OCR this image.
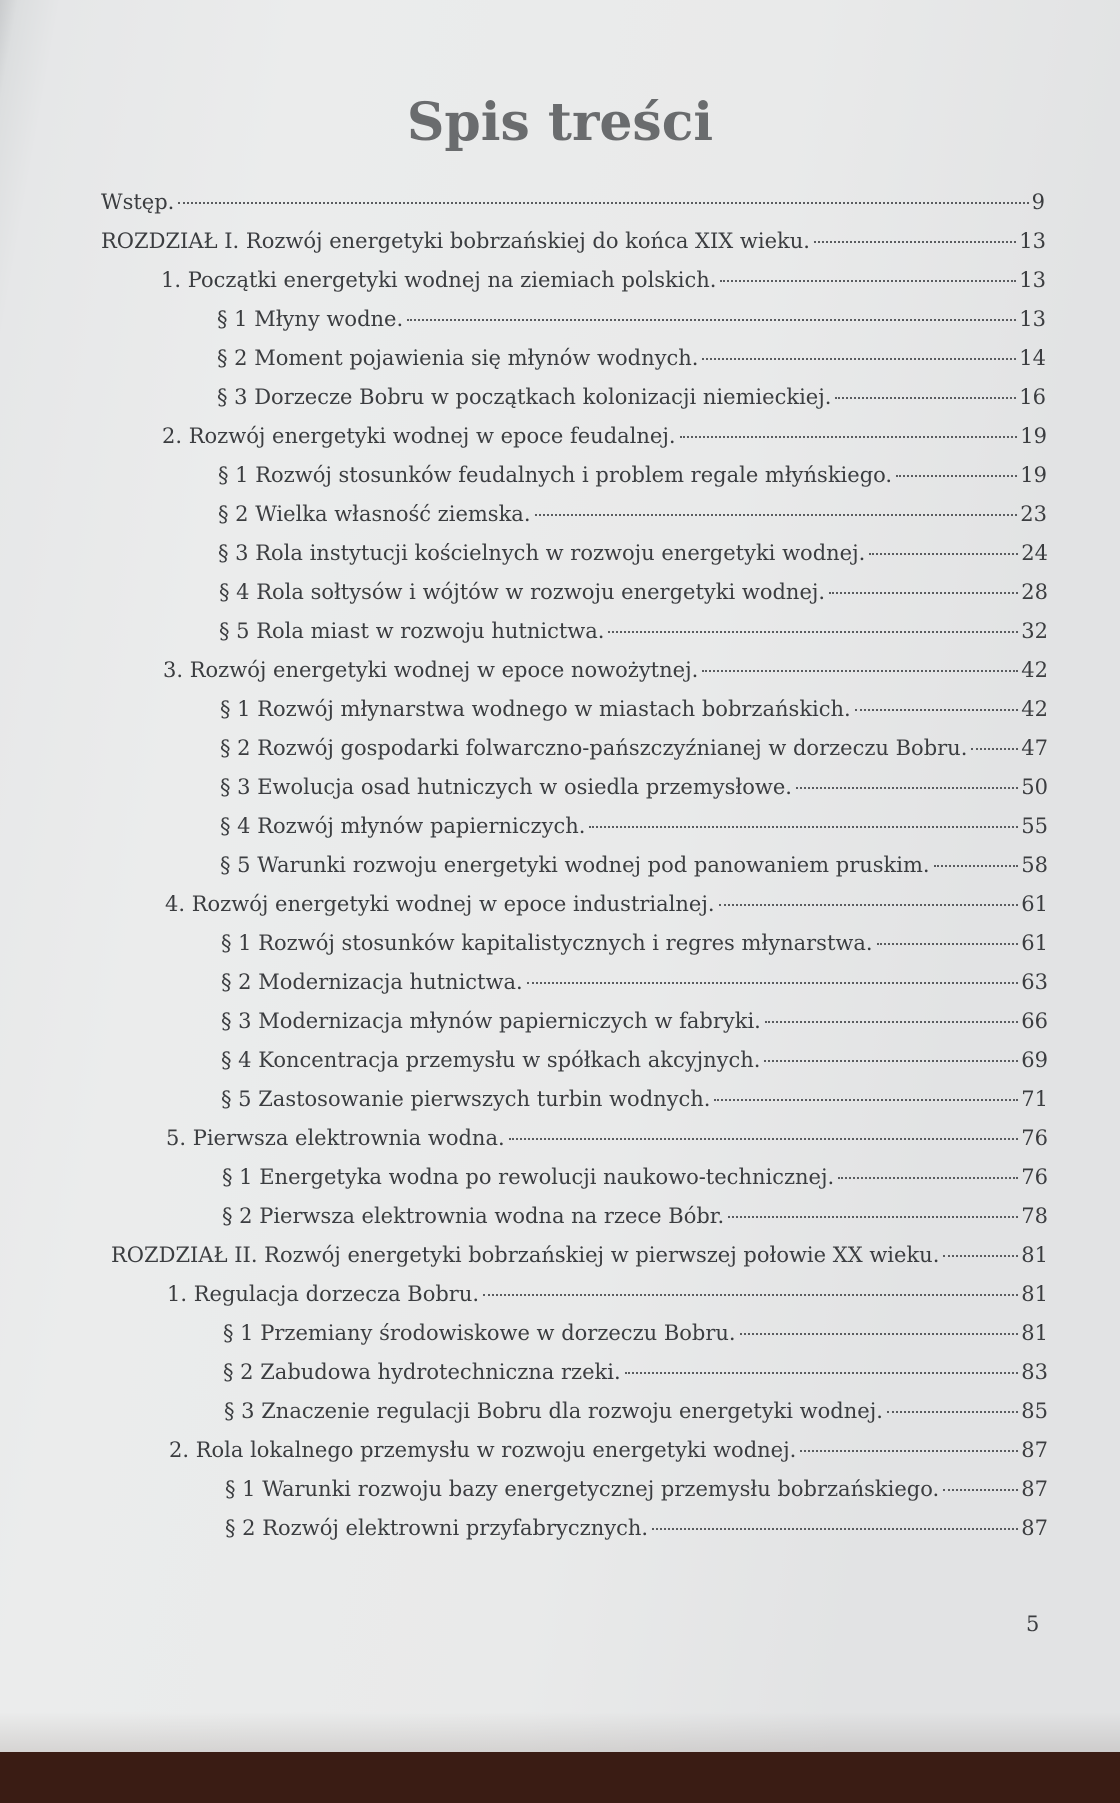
Spis treści
Wstęp.	9
ROZDZIAŁ I. Rozwój energetyki bobrzańskiej do końca XIX wieku.	13
1. Początki energetyki wodnej na ziemiach polskich.	13
§ 1 Młyny wodne.	13
§ 2 Moment pojawienia się młynów wodnych.	14
§ 3 Dorzecze Bobru w początkach kolonizacji niemieckiej.	16
2. Rozwój energetyki wodnej w epoce feudalnej.	19
§ 1 Rozwój stosunków feudalnych i problem regale młyńskiego.	19
§ 2 Wielka własność ziemska.	23
§ 3 Rola instytucji kościelnych w rozwoju energetyki wodnej.	24
§ 4 Rola sołtysów i wójtów w rozwoju energetyki wodnej.	28
§ 5 Rola miast w rozwoju hutnictwa.	32
3. Rozwój energetyki wodnej w epoce nowożytnej.	42
§ 1 Rozwój młynarstwa wodnego w miastach bobrzańskich.	42
§ 2 Rozwój gospodarki folwarczno-pańszczyźnianej w dorzeczu Bobru.	47
§ 3 Ewolucja osad hutniczych w osiedla przemysłowe.	50
§ 4 Rozwój młynów papierniczych.	55
§ 5 Warunki rozwoju energetyki wodnej pod panowaniem pruskim.	58
4. Rozwój energetyki wodnej w epoce industrialnej.	61
§ 1 Rozwój stosunków kapitalistycznych i regres młynarstwa.	61
§ 2 Modernizacja hutnictwa.	63
§ 3 Modernizacja młynów papierniczych w fabryki.	66
§ 4 Koncentracja przemysłu w spółkach akcyjnych.	69
§ 5 Zastosowanie pierwszych turbin wodnych.	71
5. Pierwsza elektrownia wodna.	76
§ 1 Energetyka wodna po rewolucji naukowo-technicznej.	76
§ 2 Pierwsza elektrownia wodna na rzece Bóbr.	78
ROZDZIAŁ II. Rozwój energetyki bobrzańskiej w pierwszej połowie XX wieku.	81
1. Regulacja dorzecza Bobru.	81
§ 1 Przemiany środowiskowe w dorzeczu Bobru.	81
§ 2 Zabudowa hydrotechniczna rzeki.	83
§ 3 Znaczenie regulacji Bobru dla rozwoju energetyki wodnej.	85
2. Rola lokalnego przemysłu w rozwoju energetyki wodnej.	87
§ 1 Warunki rozwoju bazy energetycznej przemysłu bobrzańskiego.	87
§ 2 Rozwój elektrowni przyfabrycznych.	87
5
